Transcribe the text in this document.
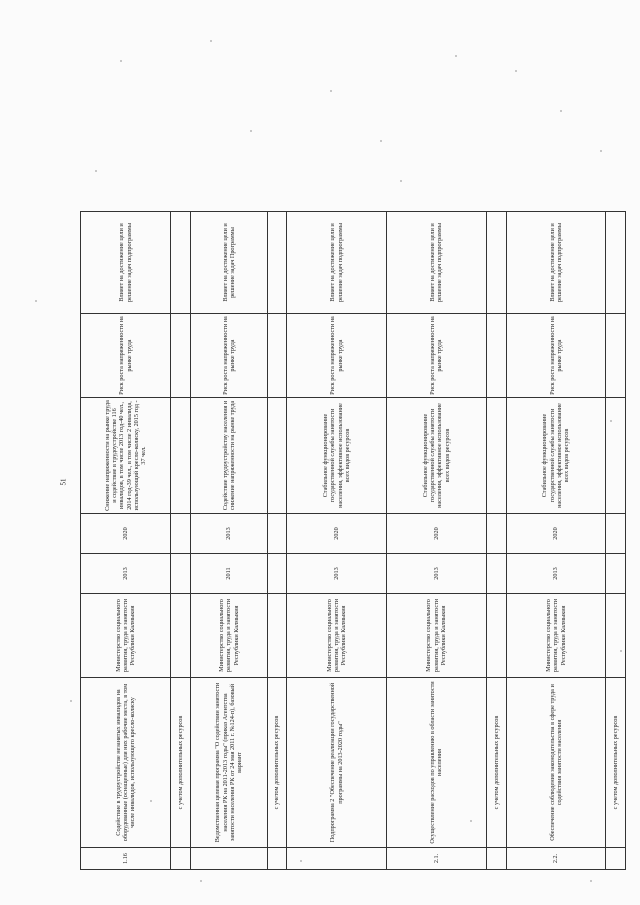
51
1.16	Содействие в трудоустройстве незанятых инвалидов на оборудованные (оснащенные) для них рабочие места, в том числе инвалидов, использующего кресло-коляску	Министерство социального развития, труда и занятости Республики Калмыкия	2013	2020	Снижение напряженности на рынке труда и содействие в трудоустройстве 116 инвалидов, в том числе 2013 год-40 чел., 2014 год-39 чел., в том числе 2 инвалида, использующий кресло-коляску, 2015 год - 37 чел.	Риск роста напряженности на рынке труда	Влияет на достижение цели и решение задач подпрограммы
	с учетом дополнительных ресурсов						
	Ведомственная целевая программа "О содействии занятости населения РК на 2011-2013 годы" (приказ Агентства занятости населения РК от 24 мая 2011 г. №124-п), базовый вариант	Министерство социального развития, труда и занятости Республики Калмыкия	2011	2013	Содействие трудоустройству населения и снижение напряженности на рынке труда	Риск роста напряженности на рынке труда	Влияет на достижение цели и решение задач Программы
	с учетом дополнительных ресурсов						
	Подпрограмма 2 "Обеспечение реализации государственной программы на 2013-2020 годы"	Министерство социального развития, труда и занятости Республики Калмыкия	2013	2020	Стабильное функционирование государственной службы занятости населения, эффективное использование всех видов ресурсов	Риск роста напряженности на рынке труда	Влияет на достижение цели и решение задач подпрограммы
2.1.	Осуществление расходов по управлению в области занятости населения	Министерство социального развития, труда и занятости Республики Калмыкия	2013	2020	Стабильное функционирование государственной службы занятости населения, эффективное использование всех видов ресурсов	Риск роста напряженности на рынке труда	Влияет на достижение цели и решение задач подпрограммы
	с учетом дополнительных ресурсов						
2.2.	Обеспечение соблюдения законодательства в сфере труда и содействия занятости населения	Министерство социального развития, труда и занятости Республики Калмыкия	2013	2020	Стабильное функционирование государственной службы занятости населения, эффективное использование всех видов ресурсов	Риск роста напряженности на рынке труда	Влияет на достижение цели и решение задач подпрограммы
	с учетом дополнительных ресурсов						
